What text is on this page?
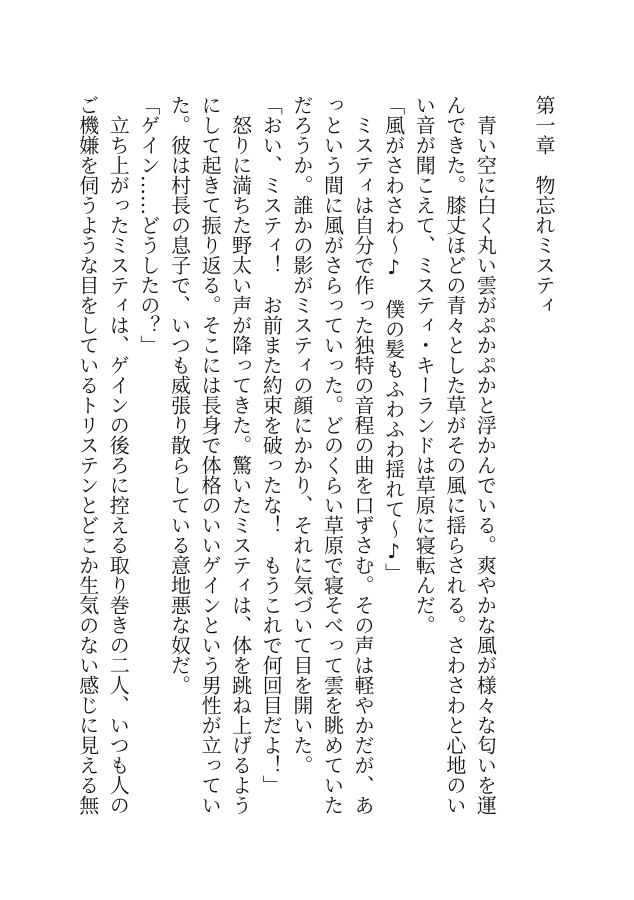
第一章　物忘れミスティ
　青い空に白く丸い雲がぷかぷかと浮かんでいる。爽やかな風が様々な匂いを運
んできた。膝丈ほどの青々とした草がその風に揺らされる。さわさわと心地のい
い音が聞こえて、ミスティ・キーランドは草原に寝転んだ。
「風がさわさわ～♪　僕の髪もふわふわ揺れて～♪」
　ミスティは自分で作った独特の音程の曲を口ずさむ。その声は軽やかだが、あ
っという間に風がさらっていった。どのくらい草原で寝そべって雲を眺めていた
だろうか。誰かの影がミスティの顔にかかり、それに気づいて目を開いた。
「おい、ミスティ！　お前また約束を破ったな！　もうこれで何回目だよ！」
　怒りに満ちた野太い声が降ってきた。驚いたミスティは、体を跳ね上げるよう
にして起きて振り返る。そこには長身で体格のいいゲインという男性が立ってい
た。彼は村長の息子で、いつも威張り散らしている意地悪な奴だ。
「ゲイン……どうしたの？」
　立ち上がったミスティは、ゲインの後ろに控える取り巻きの二人、いつも人の
ご機嫌を伺うような目をしているトリステンとどこか生気のない感じに見える無
